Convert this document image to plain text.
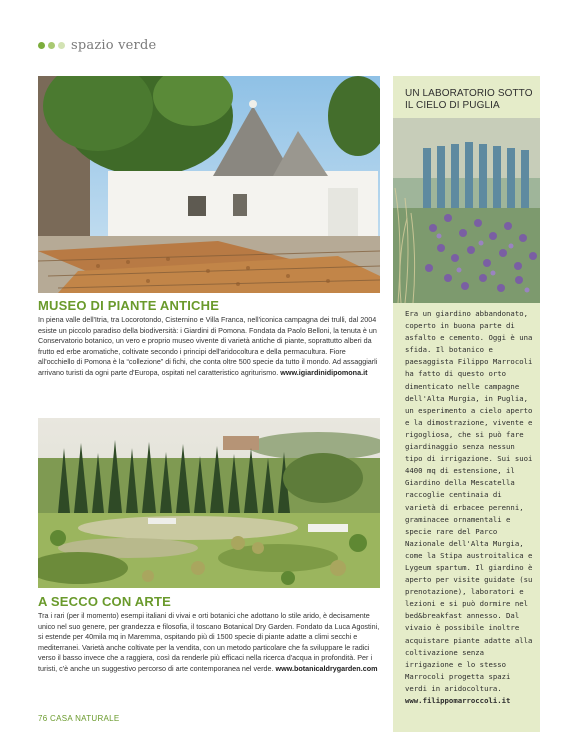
spazio verde
MUSEO DI PIANTE ANTICHE
In piena valle dell'Itria, tra Locorotondo, Cisternino e Villa Franca, nell'iconica campagna dei trulli, dal 2004 esiste un piccolo paradiso della biodiversità: i Giardini di Pomona. Fondata da Paolo Belloni, la tenuta è un Conservatorio botanico, un vero e proprio museo vivente di varietà antiche di piante, soprattutto alberi da frutto ed erbe aromatiche, coltivate secondo i principi dell'aridocoltura e della permacultura. Fiore all'occhiello di Pomona è la “collezione” di fichi, che conta oltre 500 specie da tutto il mondo. Ad assaggiarli arrivano turisti da ogni parte d'Europa, ospitati nel caratteristico agriturismo. www.igiardinidipomona.it
A SECCO CON ARTE
Tra i rari (per il momento) esempi italiani di vivai e orti botanici che adottano lo stile arido, è decisamente unico nel suo genere, per grandezza e filosofia, il toscano Botanical Dry Garden. Fondato da Luca Agostini, si estende per 40mila mq in Maremma, ospitando più di 1500 specie di piante adatte a climi secchi e mediterranei. Varietà anche coltivate per la vendita, con un metodo particolare che fa sviluppare le radici verso il basso invece che a raggiera, così da renderle più efficaci nella ricerca d'acqua in profondità. Per i turisti, c'è anche un suggestivo percorso di arte contemporanea nel verde. www.botanicaldrygarden.com
UN LABORATORIO SOTTO IL CIELO DI PUGLIA
Era un giardino abbandonato, coperto in buona parte di asfalto e cemento. Oggi è una sfida. Il botanico e paesaggista Filippo Marrocoli ha fatto di questo orto dimenticato nelle campagne dell'Alta Murgia, in Puglia, un esperimento a cielo aperto e la dimostrazione, vivente e rigogliosa, che si può fare giardinaggio senza nessun tipo di irrigazione. Sui suoi 4400 mq di estensione, il Giardino della Mescatella raccoglie centinaia di varietà di erbacee perenni, graminacee ornamentali e specie rare del Parco Nazionale dell'Alta Murgia, come la Stipa austroitalica e Lygeum spartum. Il giardino è aperto per visite guidate (su prenotazione), laboratori e lezioni e si può dormire nel bed&breakfast annesso. Dal vivaio è possibile inoltre acquistare piante adatte alla coltivazione senza irrigazione e lo stesso Marrocoli progetta spazi verdi in aridocoltura. www.filippomarroccoli.it
76 CASA NATURALE
